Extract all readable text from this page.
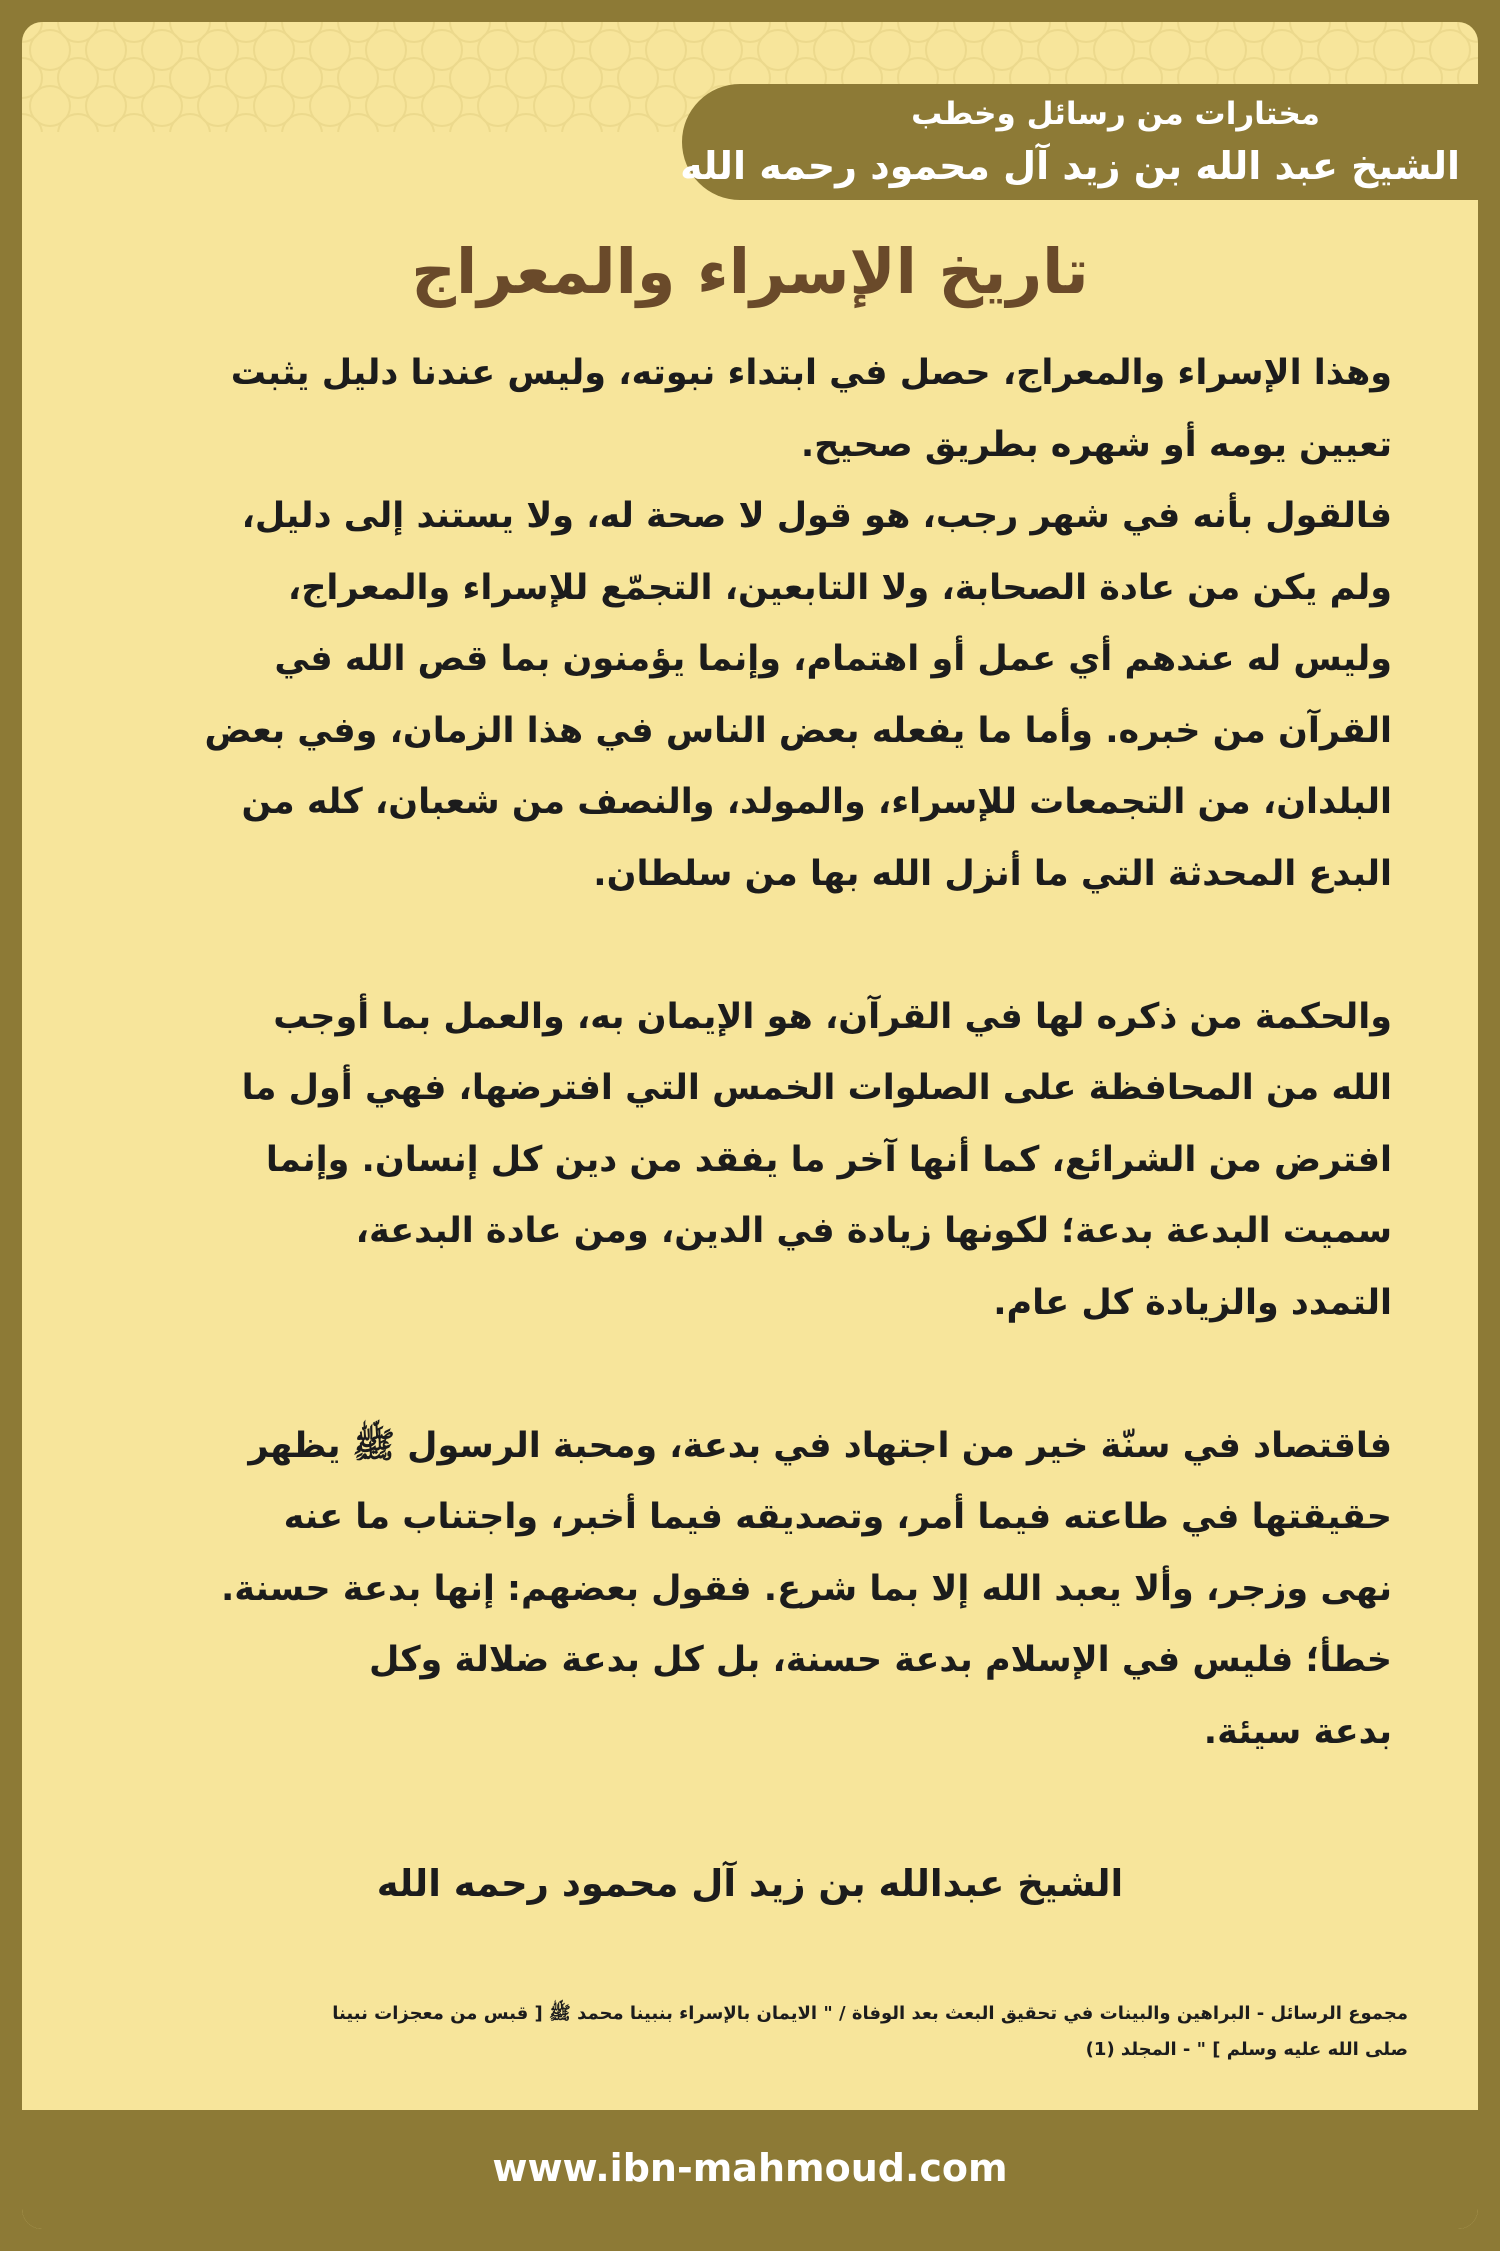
مختارات من رسائل وخطب
الشيخ عبد الله بن زيد آل محمود رحمه الله
تاريخ الإسراء والمعراج
وهذا الإسراء والمعراج، حصل في ابتداء نبوته، وليس عندنا دليل يثبت
تعيين يومه أو شهره بطريق صحيح.
فالقول بأنه في شهر رجب، هو قول لا صحة له، ولا يستند إلى دليل،
ولم يكن من عادة الصحابة، ولا التابعين، التجمّع للإسراء والمعراج،
وليس له عندهم أي عمل أو اهتمام، وإنما يؤمنون بما قص الله في
القرآن من خبره. وأما ما يفعله بعض الناس في هذا الزمان، وفي بعض
البلدان، من التجمعات للإسراء، والمولد، والنصف من شعبان، كله من
البدع المحدثة التي ما أنزل الله بها من سلطان.
والحكمة من ذكره لها في القرآن، هو الإيمان به، والعمل بما أوجب
الله من المحافظة على الصلوات الخمس التي افترضها، فهي أول ما
افترض من الشرائع، كما أنها آخر ما يفقد من دين كل إنسان. وإنما
سميت البدعة بدعة؛ لكونها زيادة في الدين، ومن عادة البدعة،
التمدد والزيادة كل عام.
فاقتصاد في سنّة خير من اجتهاد في بدعة، ومحبة الرسول ﷺ يظهر
حقيقتها في طاعته فيما أمر، وتصديقه فيما أخبر، واجتناب ما عنه
نهى وزجر، وألا يعبد الله إلا بما شرع. فقول بعضهم: إنها بدعة حسنة.
خطأ؛ فليس في الإسلام بدعة حسنة، بل كل بدعة ضلالة وكل
بدعة سيئة.
الشيخ عبدالله بن زيد آل محمود رحمه الله
مجموع الرسائل - البراهين والبينات في تحقيق البعث بعد الوفاة / " الايمان بالإسراء بنبينا محمد ﷺ [ قبس من معجزات نبينا
صلى الله عليه وسلم ] " - المجلد (1)
www.ibn-mahmoud.com
